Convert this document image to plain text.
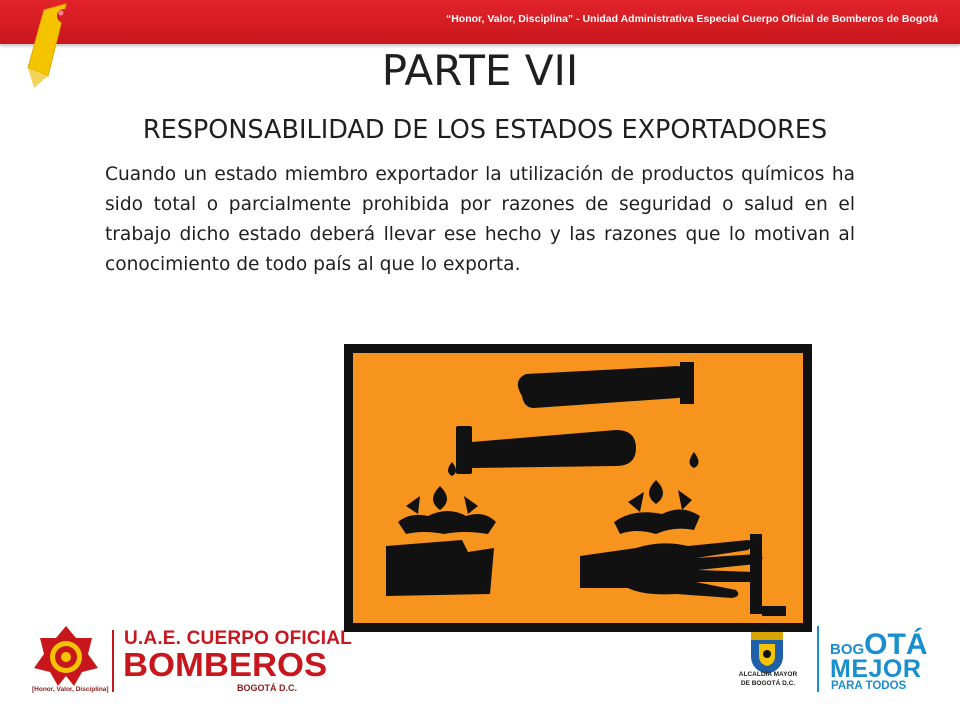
“Honor, Valor, Disciplina” - Unidad Administrativa Especial Cuerpo Oficial de Bomberos de Bogotá
PARTE VII
RESPONSABILIDAD DE LOS ESTADOS EXPORTADORES

Cuando un estado miembro exportador la utilización de productos químicos ha sido total o parcialmente prohibida por razones de seguridad o salud en el trabajo dicho estado deberá llevar ese hecho y las razones que lo motivan al conocimiento de todo país al que lo exporta.

[Honor, Valor, Disciplina]
U.A.E. CUERPO OFICIAL
BOMBEROS
BOGOTÁ D.C.
ALCALDÍA MAYOR
DE BOGOTÁ D.C.
BOGOTÁ
MEJOR
PARA TODOS
